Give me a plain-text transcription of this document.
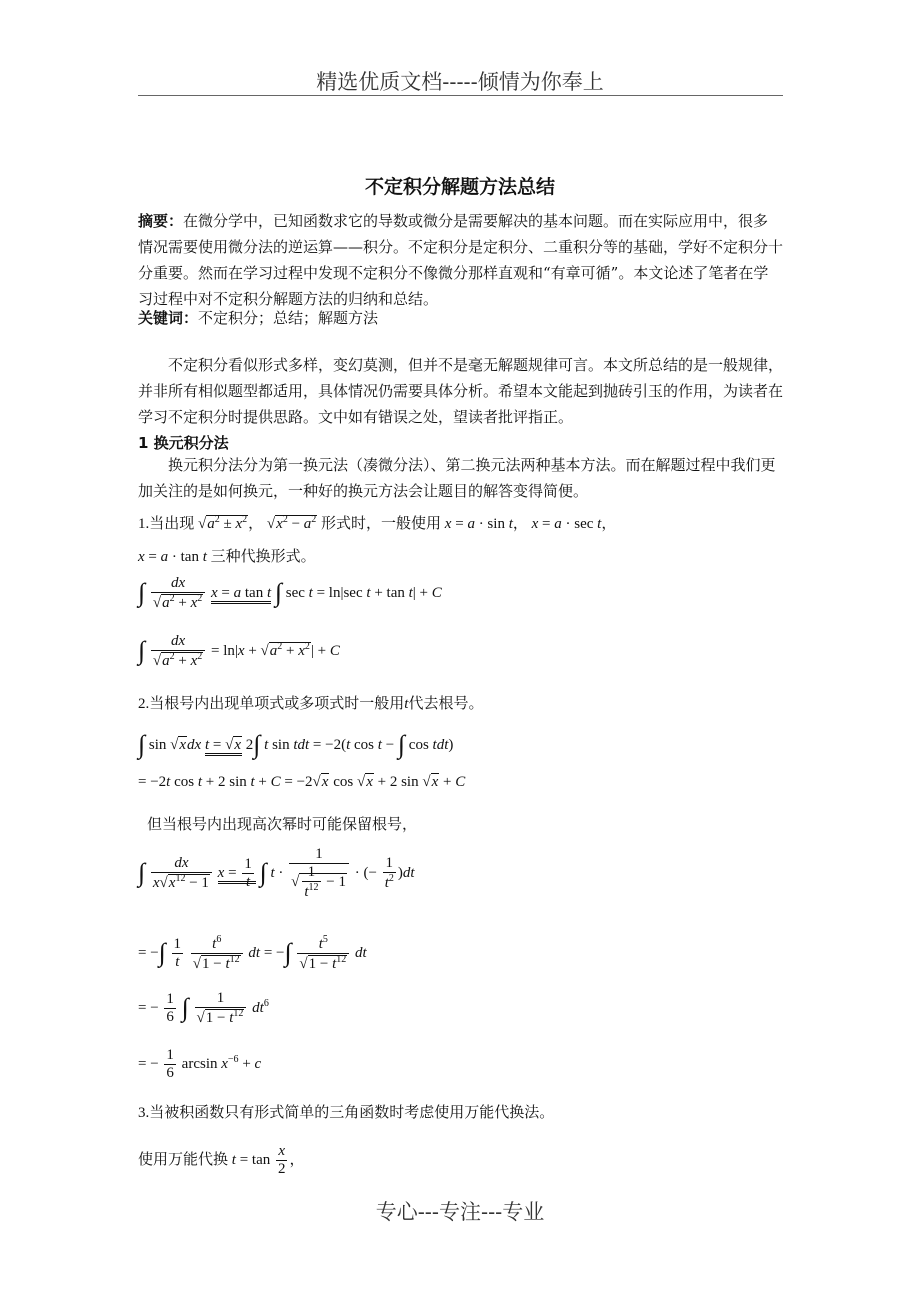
精选优质文档-----倾情为你奉上
不定积分解题方法总结
摘要：在微分学中，已知函数求它的导数或微分是需要解决的基本问题。而在实际应用中，很多情况需要使用微分法的逆运算——积分。不定积分是定积分、二重积分等的基础，学好不定积分十分重要。然而在学习过程中发现不定积分不像微分那样直观和“有章可循”。本文论述了笔者在学习过程中对不定积分解题方法的归纳和总结。
关键词：不定积分；总结；解题方法
不定积分看似形式多样，变幻莫测，但并不是毫无解题规律可言。本文所总结的是一般规律，并非所有相似题型都适用，具体情况仍需要具体分析。希望本文能起到抛砖引玉的作用，为读者在学习不定积分时提供思路。文中如有错误之处，望读者批评指正。
1 换元积分法
换元积分法分为第一换元法（凑微分法）、第二换元法两种基本方法。而在解题过程中我们更加关注的是如何换元，一种好的换元方法会让题目的解答变得简便。
1.当出现 $√a^2 \pm x^2$， $√x^2 - a^2$ 形式时，一般使用 x = a · sin t， x = a · sec t，
x = a · tan t 三种代换形式。
∫ $\frac{dx}{√a^2 + x^2}$ x = a tan t ∫ sec t = ln|sec t + tan t| + C
∫ $\frac{dx}{√a^2 + x^2} = \ln|x + √a^2 + x^2| + C$
2.当根号内出现单项式或多项式时一般用t代去根号。
∫ sin √xdx t = √x 2∫ t sin tdt = −2(t cos t − ∫ cos tdt)
= −2t cos t + 2 sin t + C = −2√x cos √x + 2 sin √x + C
但当根号内出现高次幂时可能保留根号，
∫ $\frac{dx}{x√x^{12} - 1}$ $x = \frac{1}{t}$ ∫ $t \cdot \frac{1}{√ \frac{1}{t^{12}} - 1}$ · (− $\frac{1}{t^2} )dt$
= −∫ $\frac{1}{t}$
$\frac{t^6}{√1 - t^{12}}$ dt = −∫ $\frac{t^5}{√1 - t^{12}}$ dt
= − $\frac{1}{6}$ ∫ $\frac{1}{√1 - t^{12}} dt^6$
= − $\frac{1}{6}$ $\arcsin x^{-6} + c$
3.当被积函数只有形式简单的三角函数时考虑使用万能代换法。
使用万能代换 $t = \tan \frac{x}{2}$ ，
专心---专注---专业
